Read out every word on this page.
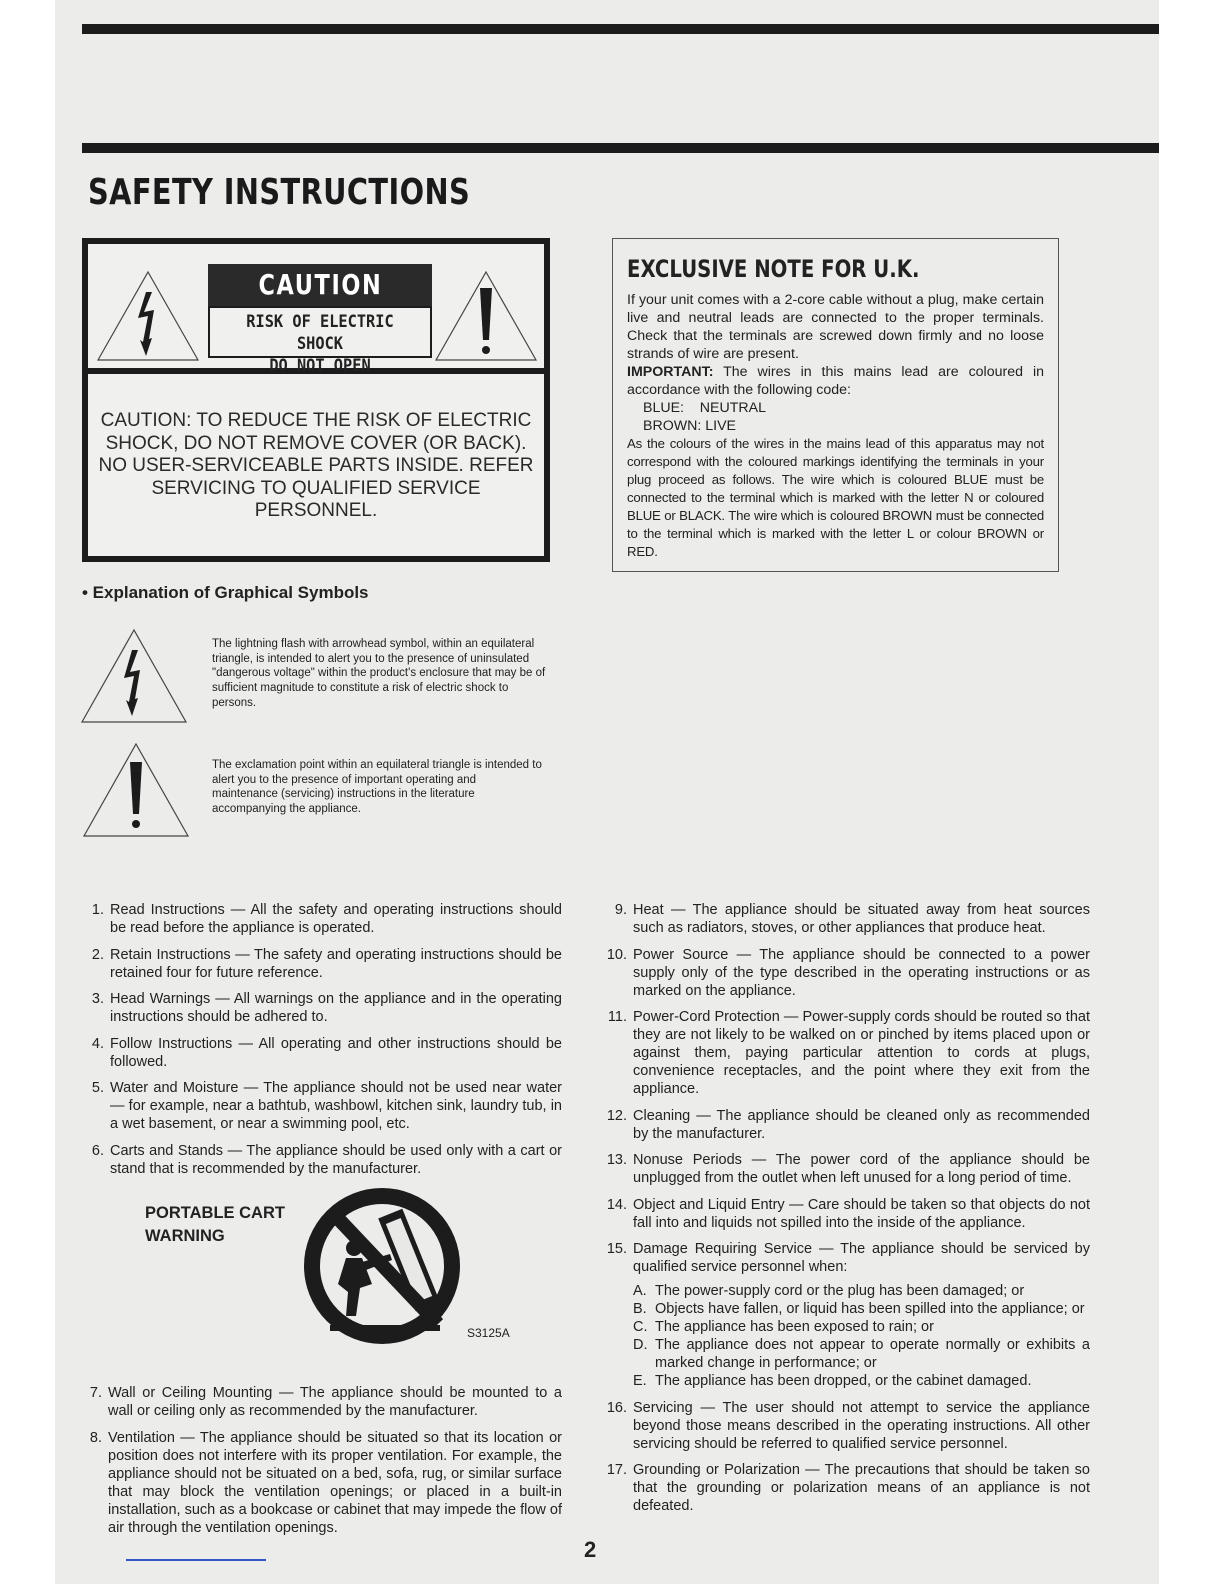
SAFETY INSTRUCTIONS
CAUTION
RISK OF ELECTRIC SHOCK
DO NOT OPEN
CAUTION: TO REDUCE THE RISK OF ELECTRIC SHOCK, DO NOT REMOVE COVER (OR BACK). NO USER-SERVICEABLE PARTS INSIDE. REFER SERVICING TO QUALIFIED SERVICE PERSONNEL.
EXCLUSIVE NOTE FOR U.K.
If your unit comes with a 2-core cable without a plug, make certain live and neutral leads are connected to the proper terminals. Check that the terminals are screwed down firmly and no loose strands of wire are present.
IMPORTANT: The wires in this mains lead are coloured in accordance with the following code:
BLUE:    NEUTRAL
BROWN: LIVE
As the colours of the wires in the mains lead of this apparatus may not correspond with the coloured markings identifying the terminals in your plug proceed as follows. The wire which is coloured BLUE must be connected to the terminal which is marked with the letter N or coloured BLUE or BLACK. The wire which is coloured BROWN must be connected to the terminal which is marked with the letter L or colour BROWN or RED.
• Explanation of Graphical Symbols
The lightning flash with arrowhead symbol, within an equilateral triangle, is intended to alert you to the presence of uninsulated "dangerous voltage" within the product's enclosure that may be of sufficient magnitude to constitute a risk of electric shock to persons.
The exclamation point within an equilateral triangle is intended to alert you to the presence of important operating and maintenance (servicing) instructions in the literature accompanying the appliance.
1. Read Instructions — All the safety and operating instructions should be read before the appliance is operated.
2. Retain Instructions — The safety and operating instructions should be retained four for future reference.
3. Head Warnings — All warnings on the appliance and in the operating instructions should be adhered to.
4. Follow Instructions — All operating and other instructions should be followed.
5. Water and Moisture — The appliance should not be used near water — for example, near a bathtub, washbowl, kitchen sink, laundry tub, in a wet basement, or near a swimming pool, etc.
6. Carts and Stands — The appliance should be used only with a cart or stand that is recommended by the manufacturer.
PORTABLE CART
WARNING
S3125A
7. Wall or Ceiling Mounting — The appliance should be mounted to a wall or ceiling only as recommended by the manufacturer.
8. Ventilation — The appliance should be situated so that its location or position does not interfere with its proper ventilation. For example, the appliance should not be situated on a bed, sofa, rug, or similar surface that may block the ventilation openings; or placed in a built-in installation, such as a bookcase or cabinet that may impede the flow of air through the ventilation openings.
9. Heat — The appliance should be situated away from heat sources such as radiators, stoves, or other appliances that produce heat.
10. Power Source — The appliance should be connected to a power supply only of the type described in the operating instructions or as marked on the appliance.
11. Power-Cord Protection — Power-supply cords should be routed so that they are not likely to be walked on or pinched by items placed upon or against them, paying particular attention to cords at plugs, convenience receptacles, and the point where they exit from the appliance.
12. Cleaning — The appliance should be cleaned only as recommended by the manufacturer.
13. Nonuse Periods — The power cord of the appliance should be unplugged from the outlet when left unused for a long period of time.
14. Object and Liquid Entry — Care should be taken so that objects do not fall into and liquids not spilled into the inside of the appliance.
15. Damage Requiring Service — The appliance should be serviced by qualified service personnel when:
A. The power-supply cord or the plug has been damaged; or
B. Objects have fallen, or liquid has been spilled into the appliance; or
C. The appliance has been exposed to rain; or
D. The appliance does not appear to operate normally or exhibits a marked change in performance; or
E. The appliance has been dropped, or the cabinet damaged.
16. Servicing — The user should not attempt to service the appliance beyond those means described in the operating instructions. All other servicing should be referred to qualified service personnel.
17. Grounding or Polarization — The precautions that should be taken so that the grounding or polarization means of an appliance is not defeated.
2
